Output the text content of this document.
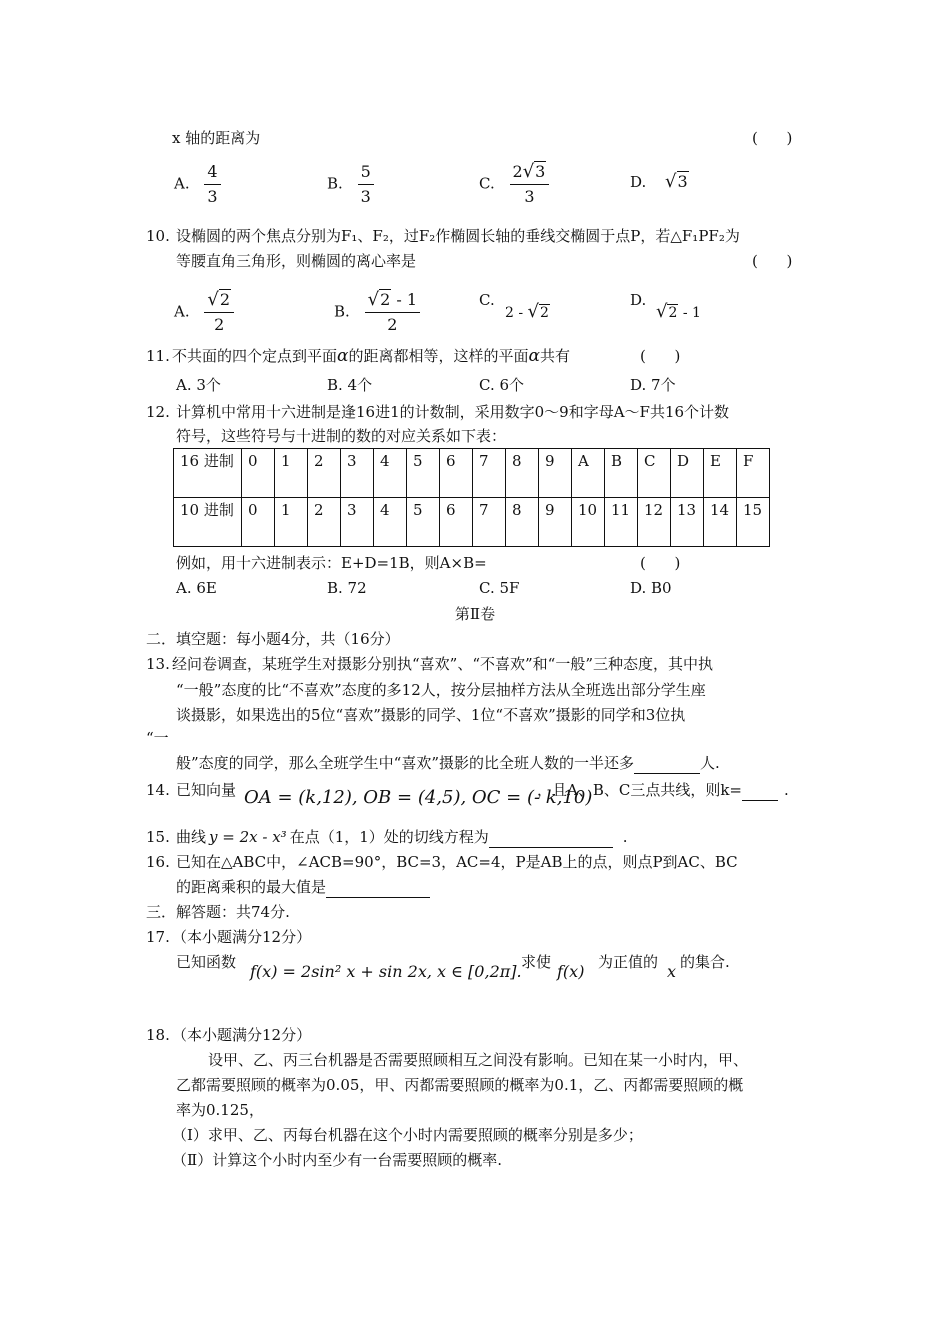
x 轴的距离为	(      )
A. $\frac{4}{3}$	B. $\frac{5}{3}$	C. $\frac{2√3}{3}$	D. √3
10. 设椭圆的两个焦点分别为F₁、F₂，过F₂作椭圆长轴的垂线交椭圆于点P，若△F₁PF₂为
等腰直角三角形，则椭圆的离心率是	(      )
A. $\frac{√2}{2}$	B. $\frac{√2 - 1}{2}$	C.
2 - √2
D.
√2 - 1
11. 不共面的四个定点到平面α的距离都相等，这样的平面α共有	(      )
A. 3个	B. 4个	C. 6个	D. 7个
12. 计算机中常用十六进制是逢16进1的计数制，采用数字0～9和字母A～F共16个计数
符号，这些符号与十进制的数的对应关系如下表：
16 进制	0	1	2	3	4	5	6	7	8	9	A	B	C	D	E	F
10 进制	0	1	2	3	4	5	6	7	8	9	10	11	12	13	14	15
例如，用十六进制表示：E+D=1B，则A×B=	(      )
A. 6E	B. 72	C. 5F	D. B0
第Ⅱ卷
二．填空题：每小题4分，共（16分）
13. 经问卷调查，某班学生对摄影分别执“喜欢”、“不喜欢”和“一般”三种态度，其中执
“一般”态度的比“不喜欢”态度的多12人，按分层抽样方法从全班选出部分学生座
谈摄影，如果选出的5位“喜欢”摄影的同学、1位“不喜欢”摄影的同学和3位执
“一
般”态度的同学，那么全班学生中“喜欢”摄影的比全班人数的一半还多	人.
14. 已知向量 OA = (k,12), OB = (4,5), OC = (- k,10)
，且A、B、C三点共线，则k=	.
15. 曲线 y = 2x - x³ 在点（1，1）处的切线方程为	.
16. 已知在△ABC中，∠ACB=90°，BC=3，AC=4，P是AB上的点，则点P到AC、BC
的距离乘积的最大值是
三．解答题：共74分.
17. （本小题满分12分）
已知函数 f(x) = 2sin² x + sin 2x, x ∈ [0,2π]. 求使 f(x) 为正值的 x 的集合.
18. （本小题满分12分）
设甲、乙、丙三台机器是否需要照顾相互之间没有影响。已知在某一小时内，甲、
乙都需要照顾的概率为0.05，甲、丙都需要照顾的概率为0.1，乙、丙都需要照顾的概
率为0.125，
（Ⅰ）求甲、乙、丙每台机器在这个小时内需要照顾的概率分别是多少；
（Ⅱ）计算这个小时内至少有一台需要照顾的概率.
